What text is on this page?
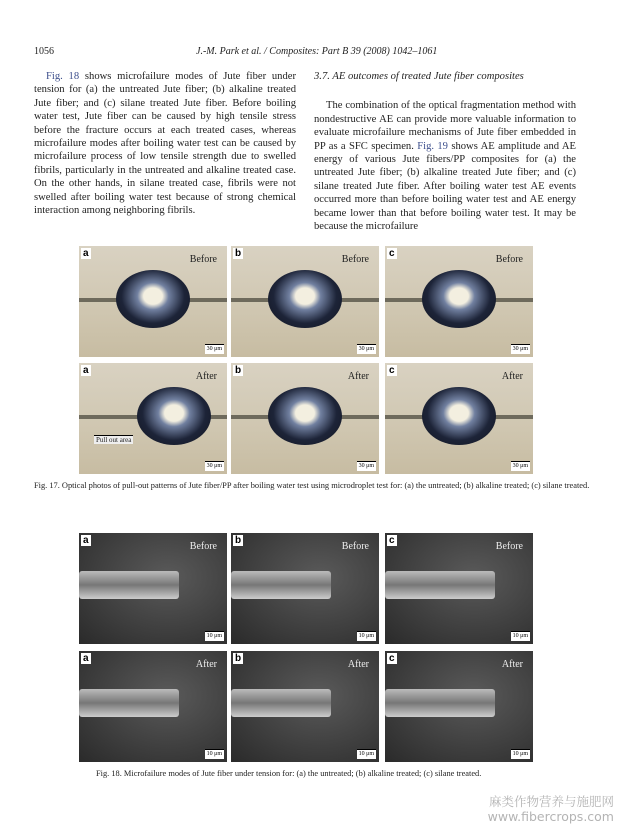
1056	J.-M. Park et al. / Composites: Part B 39 (2008) 1042–1061

Fig. 18 shows microfailure modes of Jute fiber under tension for (a) the untreated Jute fiber; (b) alkaline treated Jute fiber; and (c) silane treated Jute fiber. Before boiling water test, Jute fiber can be caused by high tensile stress before the fracture occurs at each treated cases, whereas microfailure modes after boiling water test can be caused by microfailure process of low tensile strength due to swelled fibrils, particularly in the untreated and alkaline treated case. On the other hands, in silane treated case, fibrils were not swelled after boiling water test because of strong chemical interaction among neighboring fibrils.

3.7. AE outcomes of treated Jute fiber composites

The combination of the optical fragmentation method with nondestructive AE can provide more valuable information to evaluate microfailure mechanisms of Jute fiber embedded in PP as a SFC specimen. Fig. 19 shows AE amplitude and AE energy of various Jute fibers/PP composites for (a) the untreated Jute fiber; (b) alkaline treated Jute fiber; and (c) silane treated Jute fiber. After boiling water test AE events occurred more than before boiling water test and AE energy became lower than that before boiling water test. It may be because the microfailure

a
Before
30 μm
b
Before
30 μm
c
Before
30 μm
Pull out area
a
After
30 μm
b
After
30 μm
c
After
30 μm
Fig. 17. Optical photos of pull-out patterns of Jute fiber/PP after boiling water test using microdroplet test for: (a) the untreated; (b) alkaline treated; (c) silane treated.
a
Before
10 μm
b
Before
10 μm
c
Before
10 μm
a
After
10 μm
b
After
10 μm
c
After
10 μm
Fig. 18. Microfailure modes of Jute fiber under tension for: (a) the untreated; (b) alkaline treated; (c) silane treated.
麻类作物营养与施肥网
www.fibercrops.com
